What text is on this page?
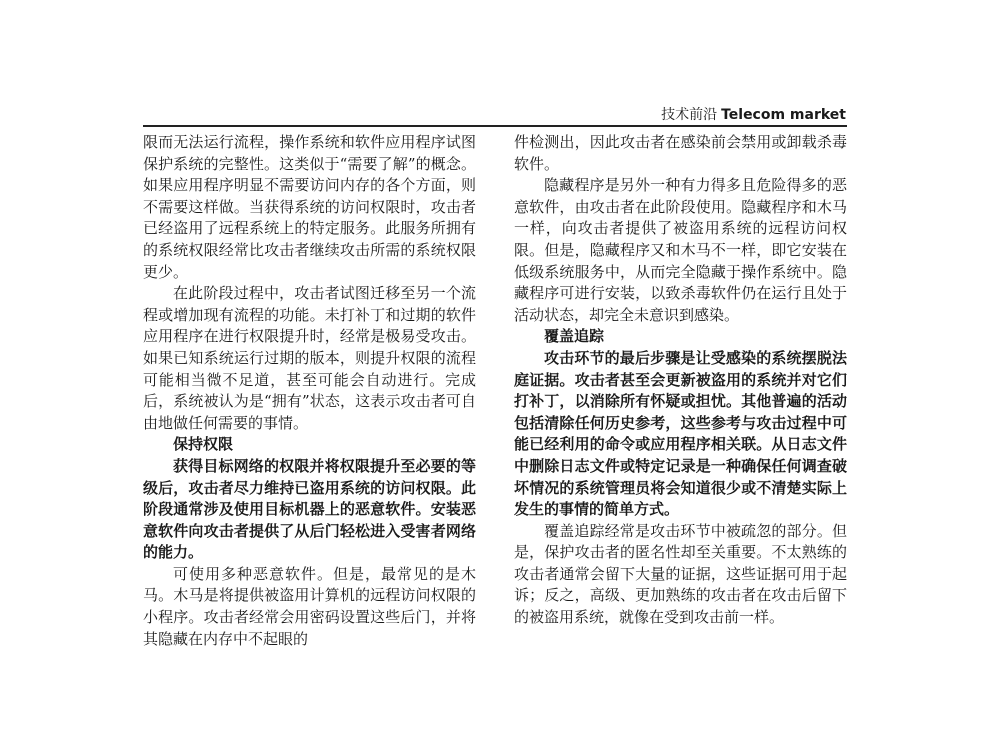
技术前沿 Telecom market

限而无法运行流程，操作系统和软件应用程序试图保护系统的完整性。这类似于“需要了解”的概念。如果应用程序明显不需要访问内存的各个方面，则不需要这样做。当获得系统的访问权限时，攻击者已经盗用了远程系统上的特定服务。此服务所拥有的系统权限经常比攻击者继续攻击所需的系统权限更少。

在此阶段过程中，攻击者试图迁移至另一个流程或增加现有流程的功能。未打补丁和过期的软件应用程序在进行权限提升时，经常是极易受攻击。如果已知系统运行过期的版本，则提升权限的流程可能相当微不足道，甚至可能会自动进行。完成后，系统被认为是“拥有”状态，这表示攻击者可自由地做任何需要的事情。

保持权限

获得目标网络的权限并将权限提升至必要的等级后，攻击者尽力维持已盗用系统的访问权限。此阶段通常涉及使用目标机器上的恶意软件。安装恶意软件向攻击者提供了从后门轻松进入受害者网络的能力。

可使用多种恶意软件。但是，最常见的是木马。木马是将提供被盗用计算机的远程访问权限的小程序。攻击者经常会用密码设置这些后门，并将其隐藏在内存中不起眼的

件检测出，因此攻击者在感染前会禁用或卸载杀毒软件。

隐藏程序是另外一种有力得多且危险得多的恶意软件，由攻击者在此阶段使用。隐藏程序和木马一样，向攻击者提供了被盗用系统的远程访问权限。但是，隐藏程序又和木马不一样，即它安装在低级系统服务中，从而完全隐藏于操作系统中。隐藏程序可进行安装，以致杀毒软件仍在运行且处于活动状态，却完全未意识到感染。

覆盖追踪

攻击环节的最后步骤是让受感染的系统摆脱法庭证据。攻击者甚至会更新被盗用的系统并对它们打补丁，以消除所有怀疑或担忧。其他普遍的活动包括清除任何历史参考，这些参考与攻击过程中可能已经利用的命令或应用程序相关联。从日志文件中删除日志文件或特定记录是一种确保任何调查破坏情况的系统管理员将会知道很少或不清楚实际上发生的事情的简单方式。

覆盖追踪经常是攻击环节中被疏忽的部分。但是，保护攻击者的匿名性却至关重要。不太熟练的攻击者通常会留下大量的证据，这些证据可用于起诉；反之，高级、更加熟练的攻击者在攻击后留下的被盗用系统，就像在受到攻击前一样。
